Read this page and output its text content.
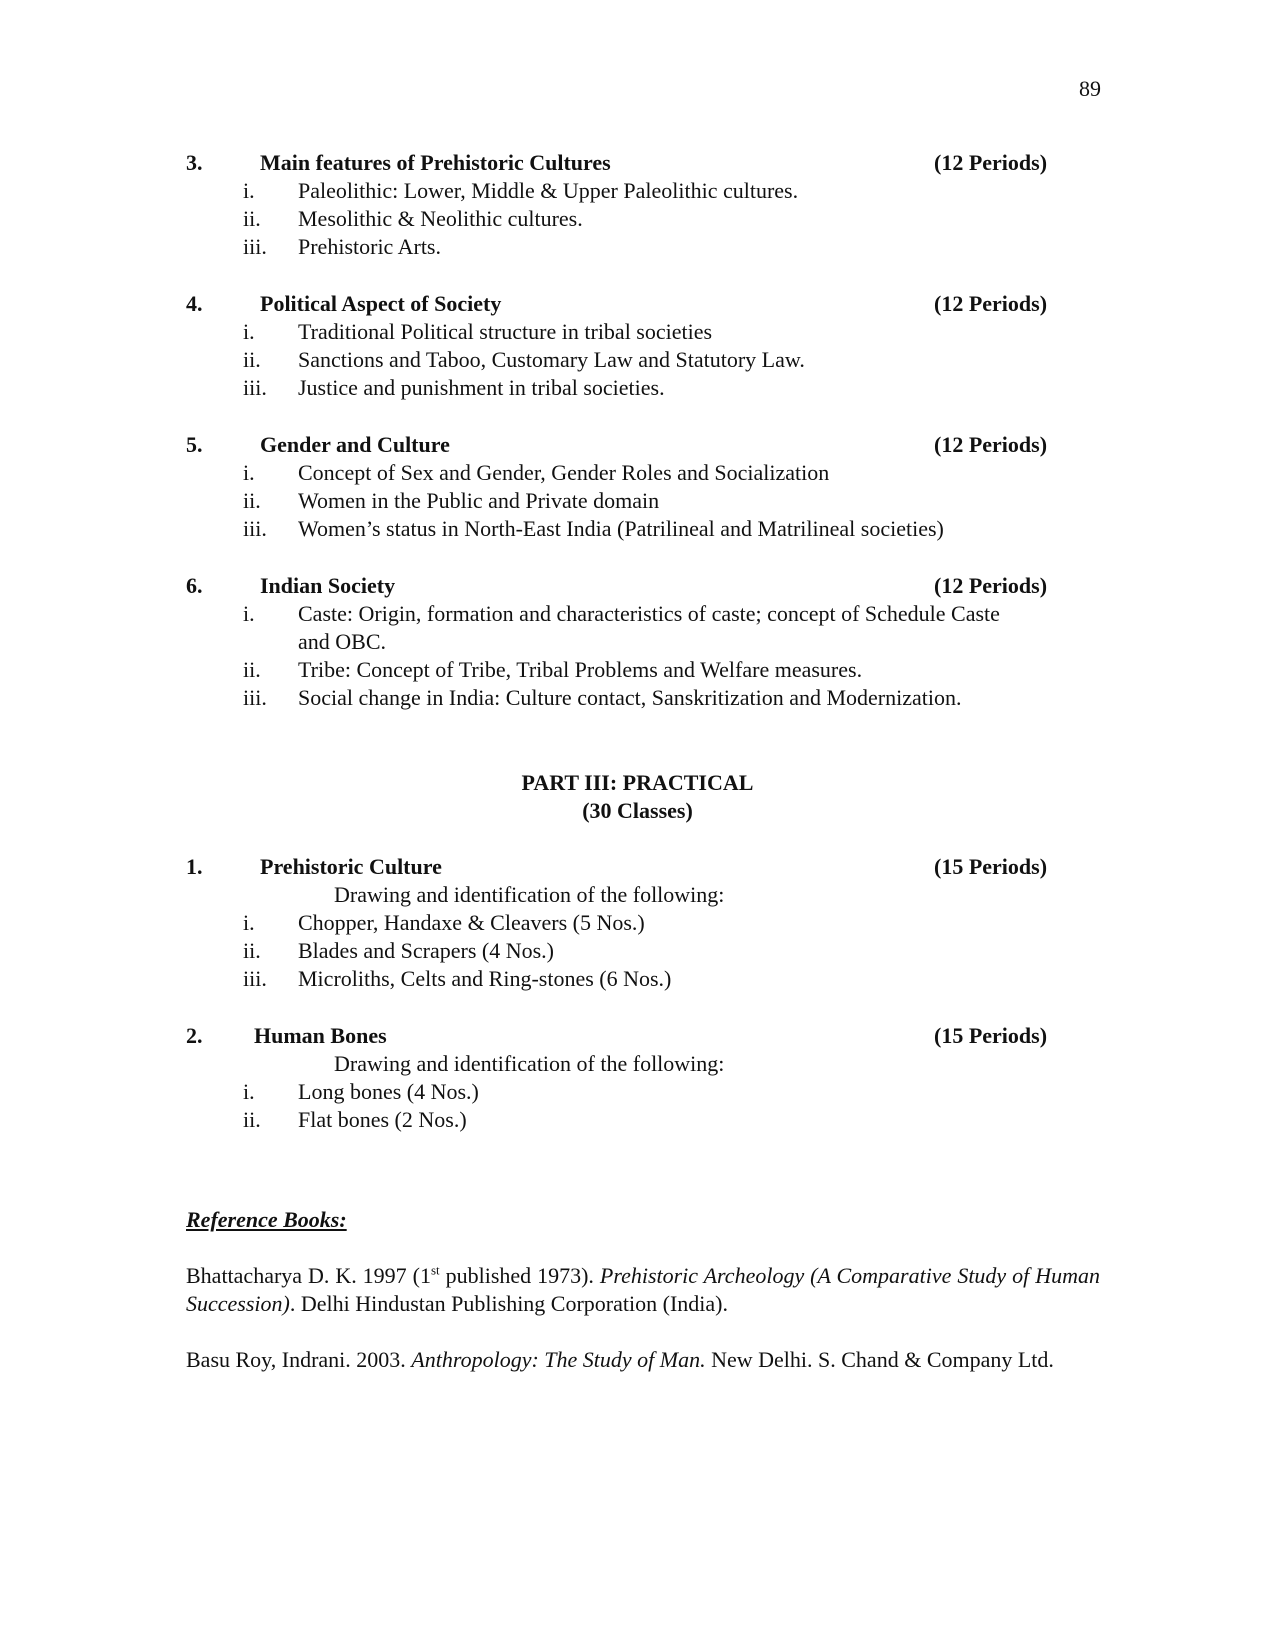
89
3.	Main features of Prehistoric Cultures	(12 Periods)
i. Paleolithic: Lower, Middle & Upper Paleolithic cultures.
ii. Mesolithic & Neolithic cultures.
iii. Prehistoric Arts.
4.	Political Aspect of Society	(12 Periods)
i. Traditional Political structure in tribal societies
ii. Sanctions and Taboo, Customary Law and Statutory Law.
iii. Justice and punishment in tribal societies.
5.	Gender and Culture	(12 Periods)
i. Concept of Sex and Gender, Gender Roles and Socialization
ii. Women in the Public and Private domain
iii. Women’s status in North-East India (Patrilineal and Matrilineal societies)
6.	Indian Society	(12 Periods)
i. Caste: Origin, formation and characteristics of caste; concept of Schedule Caste
and OBC.
ii. Tribe: Concept of Tribe, Tribal Problems and Welfare measures.
iii. Social change in India: Culture contact, Sanskritization and Modernization.
PART III: PRACTICAL
(30 Classes)
1.	Prehistoric Culture	(15 Periods)
Drawing and identification of the following:
i. Chopper, Handaxe & Cleavers (5 Nos.)
ii. Blades and Scrapers (4 Nos.)
iii. Microliths, Celts and Ring-stones (6 Nos.)
2. Human Bones	(15 Periods)
Drawing and identification of the following:
i. Long bones (4 Nos.)
ii. Flat bones (2 Nos.)
Reference Books:
Bhattacharya D. K. 1997 (1st published 1973). Prehistoric Archeology (A Comparative Study of Human Succession). Delhi Hindustan Publishing Corporation (India).
Basu Roy, Indrani. 2003. Anthropology: The Study of Man. New Delhi. S. Chand & Company Ltd.
